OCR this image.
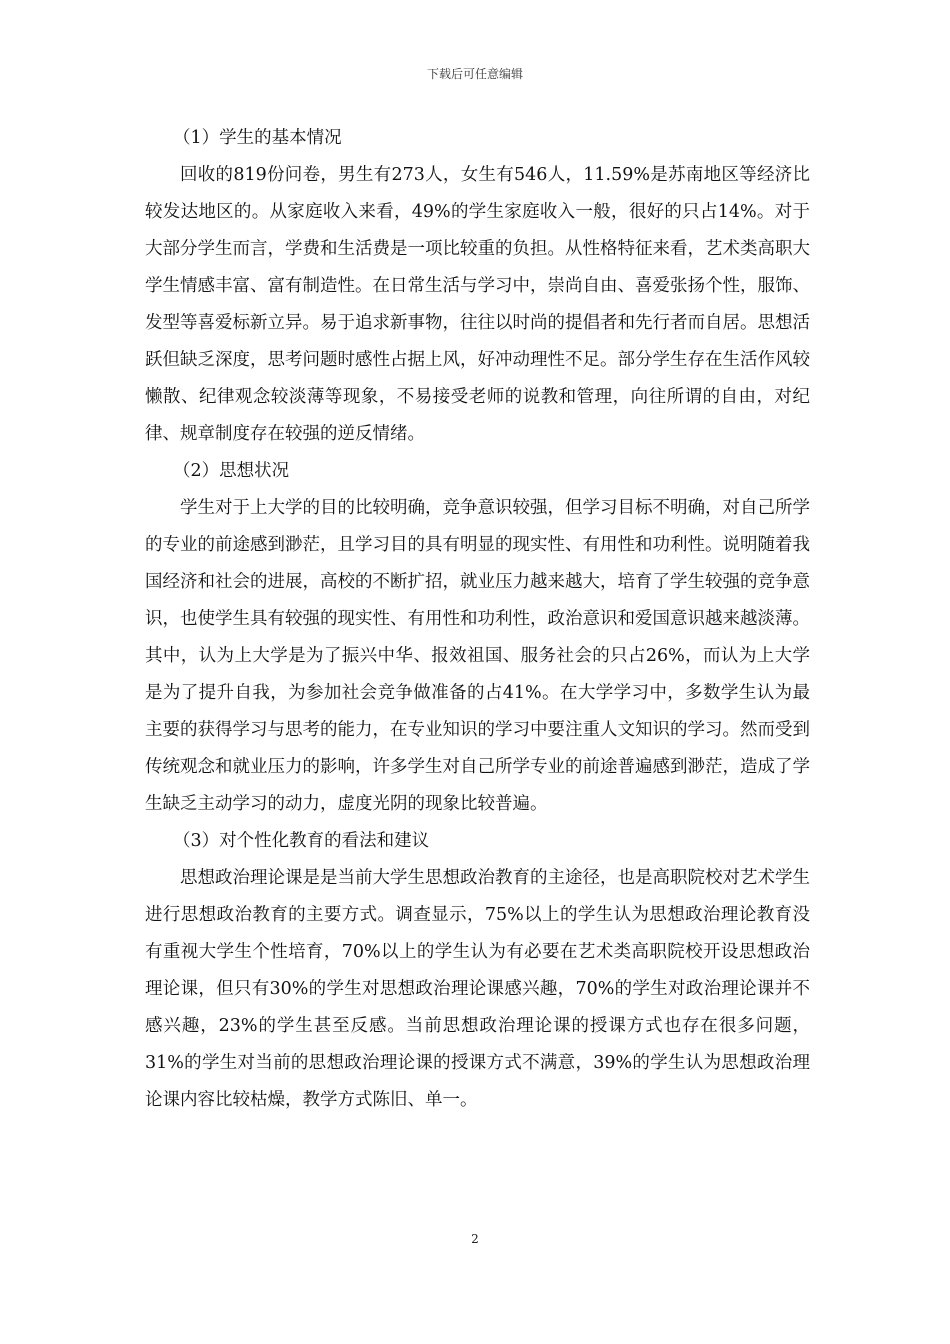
下载后可任意编辑

（1）学生的基本情况

回收的819份问卷，男生有273人，女生有546人，11.59%是苏南地区等经济比较发达地区的。从家庭收入来看，49%的学生家庭收入一般，很好的只占14%。对于大部分学生而言，学费和生活费是一项比较重的负担。从性格特征来看，艺术类高职大学生情感丰富、富有制造性。在日常生活与学习中，崇尚自由、喜爱张扬个性，服饰、发型等喜爱标新立异。易于追求新事物，往往以时尚的提倡者和先行者而自居。思想活跃但缺乏深度，思考问题时感性占据上风，好冲动理性不足。部分学生存在生活作风较懒散、纪律观念较淡薄等现象，不易接受老师的说教和管理，向往所谓的自由，对纪律、规章制度存在较强的逆反情绪。

（2）思想状况

学生对于上大学的目的比较明确，竞争意识较强，但学习目标不明确，对自己所学的专业的前途感到渺茫，且学习目的具有明显的现实性、有用性和功利性。说明随着我国经济和社会的进展，高校的不断扩招，就业压力越来越大，培育了学生较强的竞争意识，也使学生具有较强的现实性、有用性和功利性，政治意识和爱国意识越来越淡薄。其中，认为上大学是为了振兴中华、报效祖国、服务社会的只占26%，而认为上大学是为了提升自我，为参加社会竞争做准备的占41%。在大学学习中，多数学生认为最主要的获得学习与思考的能力，在专业知识的学习中要注重人文知识的学习。然而受到传统观念和就业压力的影响，许多学生对自己所学专业的前途普遍感到渺茫，造成了学生缺乏主动学习的动力，虚度光阴的现象比较普遍。

（3）对个性化教育的看法和建议

思想政治理论课是是当前大学生思想政治教育的主途径，也是高职院校对艺术学生进行思想政治教育的主要方式。调查显示，75%以上的学生认为思想政治理论教育没有重视大学生个性培育，70%以上的学生认为有必要在艺术类高职院校开设思想政治理论课，但只有30%的学生对思想政治理论课感兴趣，70%的学生对政治理论课并不感兴趣，23%的学生甚至反感。当前思想政治理论课的授课方式也存在很多问题，31%的学生对当前的思想政治理论课的授课方式不满意，39%的学生认为思想政治理论课内容比较枯燥，教学方式陈旧、单一。

2
